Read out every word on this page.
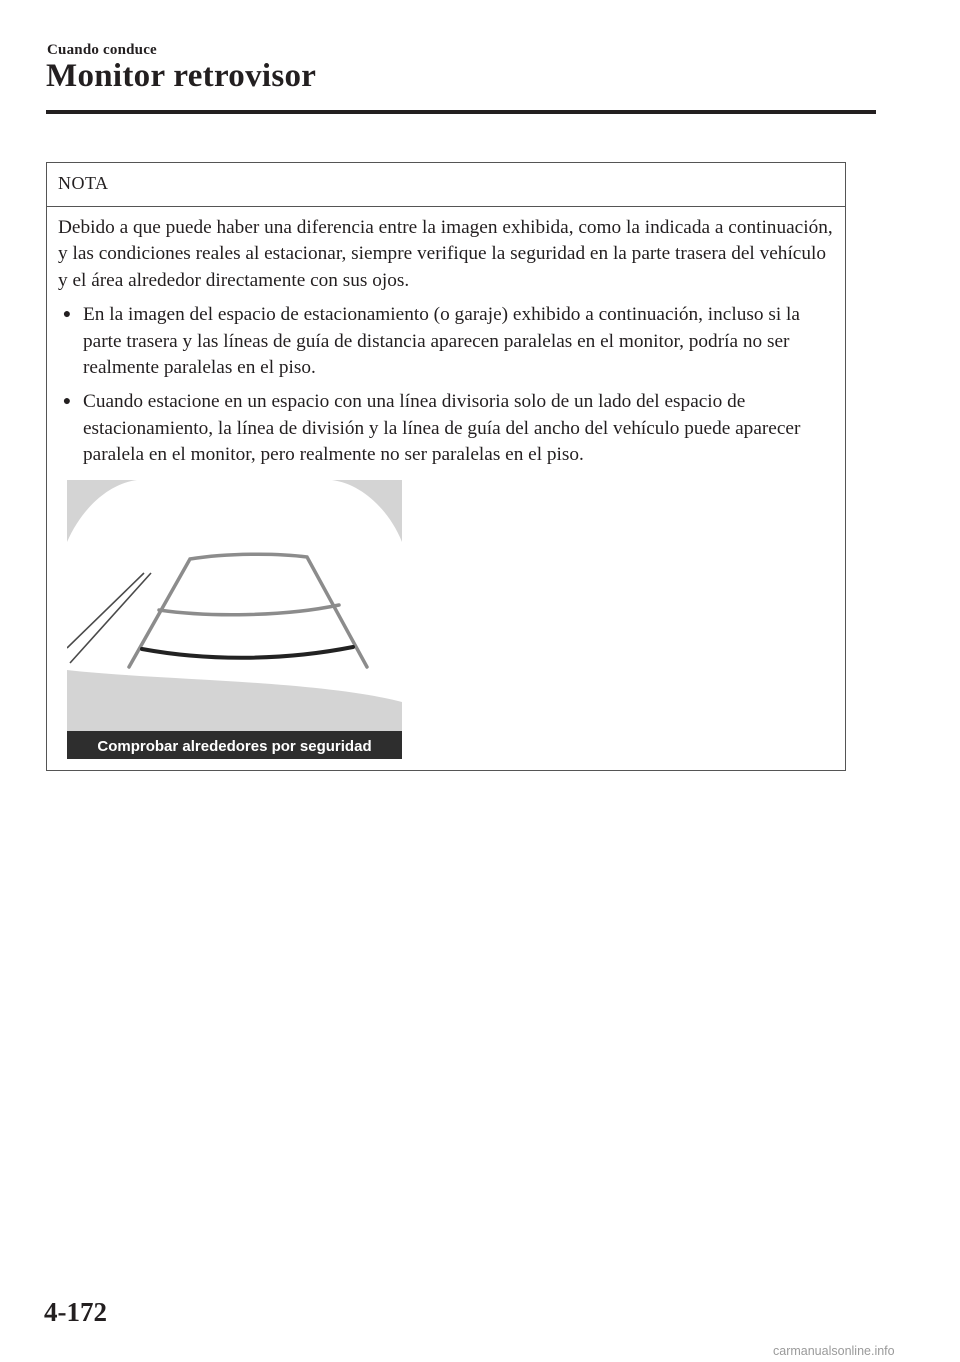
Cuando conduce
Monitor retrovisor
NOTA

Debido a que puede haber una diferencia entre la imagen exhibida, como la indicada a continuación, y las condiciones reales al estacionar, siempre verifique la seguridad en la parte trasera del vehículo y el área alrededor directamente con sus ojos.

● En la imagen del espacio de estacionamiento (o garaje) exhibido a continuación, incluso si la parte trasera y las líneas de guía de distancia aparecen paralelas en el monitor, podría no ser realmente paralelas en el piso.
● Cuando estacione en un espacio con una línea divisoria solo de un lado del espacio de estacionamiento, la línea de división y la línea de guía del ancho del vehículo puede aparecer paralela en el monitor, pero realmente no ser paralelas en el piso.
Comprobar alrededores por seguridad
4-172
carmanualsonline.info
